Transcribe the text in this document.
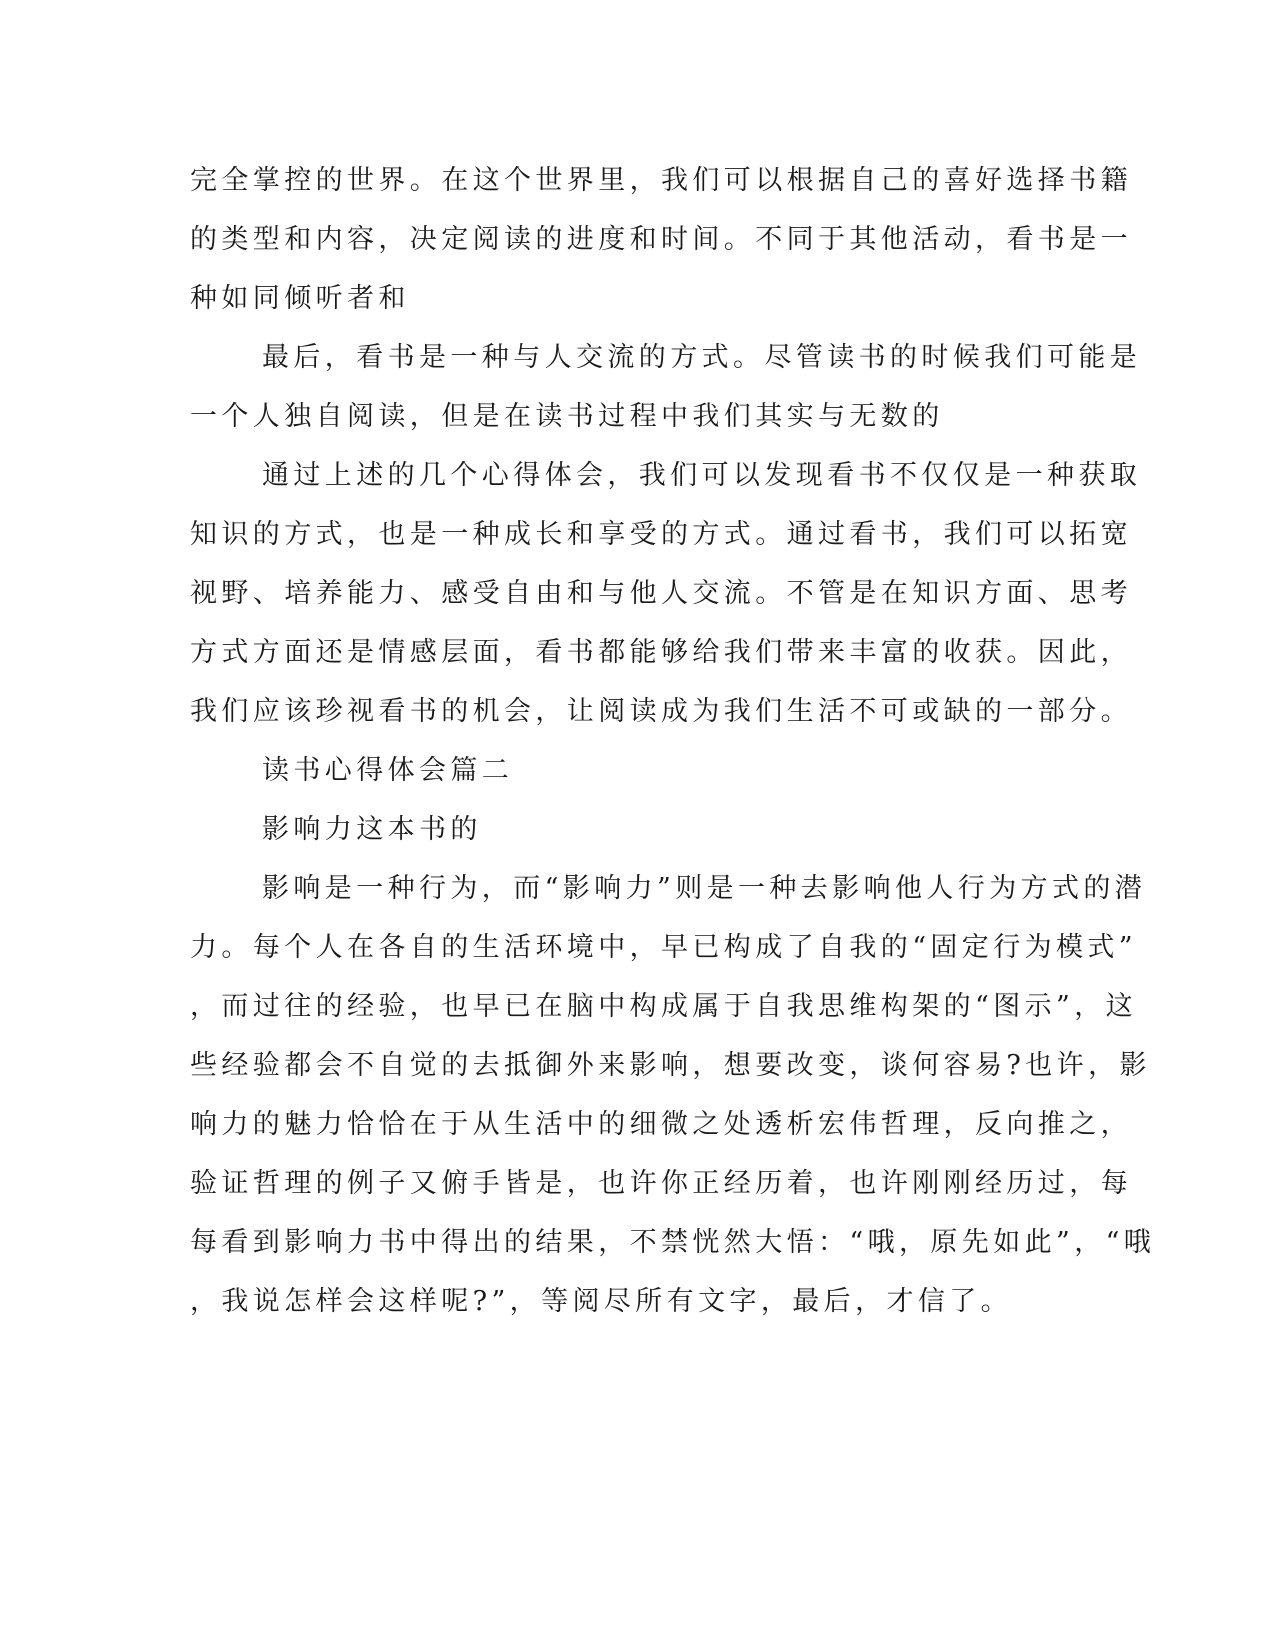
完全掌控的世界。在这个世界里，我们可以根据自己的喜好选择书籍
的类型和内容，决定阅读的进度和时间。不同于其他活动，看书是一
种如同倾听者和
最后，看书是一种与人交流的方式。尽管读书的时候我们可能是
一个人独自阅读，但是在读书过程中我们其实与无数的
通过上述的几个心得体会，我们可以发现看书不仅仅是一种获取
知识的方式，也是一种成长和享受的方式。通过看书，我们可以拓宽
视野、培养能力、感受自由和与他人交流。不管是在知识方面、思考
方式方面还是情感层面，看书都能够给我们带来丰富的收获。因此，
我们应该珍视看书的机会，让阅读成为我们生活不可或缺的一部分。
读书心得体会篇二
影响力这本书的
影响是一种行为，而“影响力”则是一种去影响他人行为方式的潜
力。每个人在各自的生活环境中，早已构成了自我的“固定行为模式”
，而过往的经验，也早已在脑中构成属于自我思维构架的“图示”，这
些经验都会不自觉的去抵御外来影响，想要改变，谈何容易?也许，影
响力的魅力恰恰在于从生活中的细微之处透析宏伟哲理，反向推之，
验证哲理的例子又俯手皆是，也许你正经历着，也许刚刚经历过，每
每看到影响力书中得出的结果，不禁恍然大悟：“哦，原先如此”，“哦
，我说怎样会这样呢?”，等阅尽所有文字，最后，才信了。
